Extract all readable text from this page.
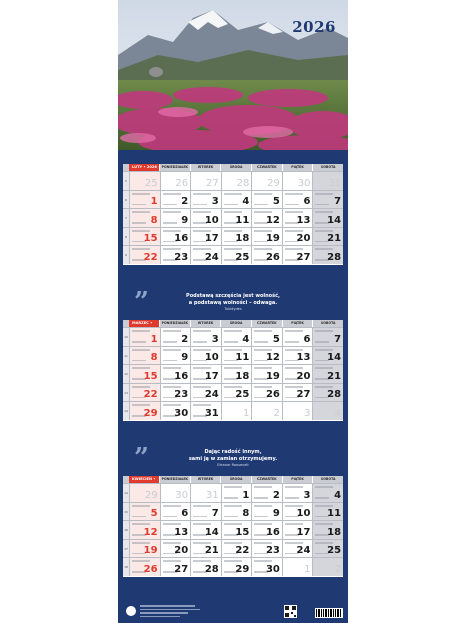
2026
LUTY • 2026	PONIEDZIAŁEK	WTOREK	ŚRODA	CZWARTEK	PIĄTEK	SOBOTA
5 25 26 27 28 29 30 31
6 1 2 3 4 5 6 7
7 8 9 10 11 12 13 14
8 15 16 17 18 19 20 21
9 22 23 24 25 26 27 28
”	Podstawą szczęścia jest wolność,
a podstawą wolności – odwaga.
Tukidydes
MARZEC •	PONIEDZIAŁEK	WTOREK	ŚRODA	CZWARTEK	PIĄTEK	SOBOTA
10 1 2 3 4 5 6 7
11 8 9 10 11 12 13 14
12 15 16 17 18 19 20 21
13 22 23 24 25 26 27 28
14 29 30 31 1 2 3 4
”	Dając radość innym,
sami ją w zamian otrzymujemy.
Eleanor Roosevelt
KWIECIEŃ •	PONIEDZIAŁEK	WTOREK	ŚRODA	CZWARTEK	PIĄTEK	SOBOTA
14 29 30 31 1 2 3 4
15 5 6 7 8 9 10 11
16 12 13 14 15 16 17 18
17 19 20 21 22 23 24 25
18 26 27 28 29 30 1 2
